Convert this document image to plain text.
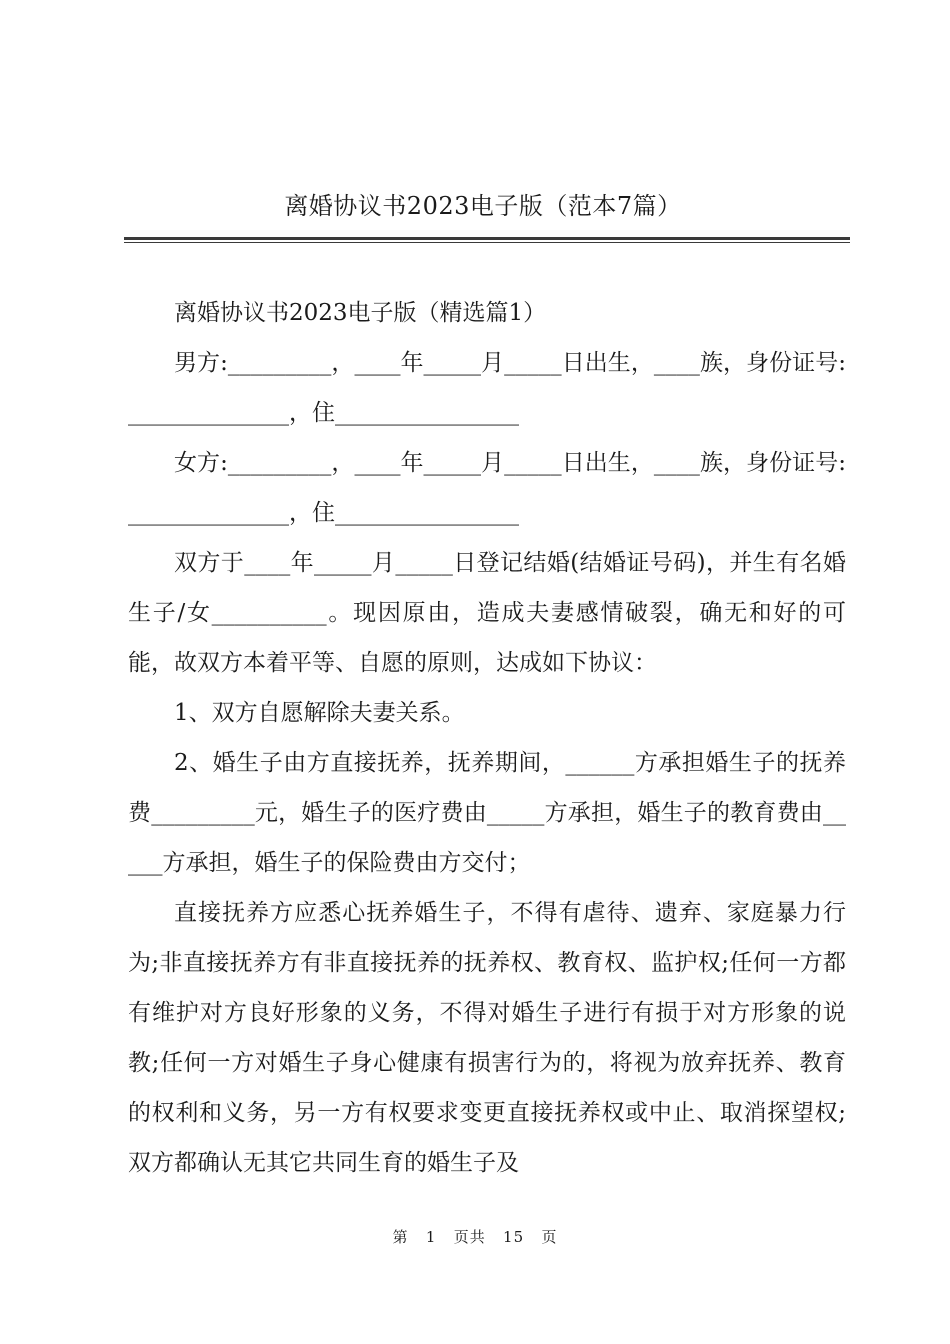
离婚协议书2023电子版（范本7篇）

离婚协议书2023电子版（精选篇1）

男方:_________，____年_____月_____日出生，____族，身份证号:______________，住________________

女方:_________，____年_____月_____日出生，____族，身份证号:______________，住________________

双方于____年_____月_____日登记结婚(结婚证号码)，并生有名婚生子/女__________。现因原由，造成夫妻感情破裂，确无和好的可能，故双方本着平等、自愿的原则，达成如下协议：

1、双方自愿解除夫妻关系。

2、婚生子由方直接抚养，抚养期间，______方承担婚生子的抚养费_________元，婚生子的医疗费由_____方承担，婚生子的教育费由_____方承担，婚生子的保险费由方交付；

直接抚养方应悉心抚养婚生子，不得有虐待、遗弃、家庭暴力行为;非直接抚养方有非直接抚养的抚养权、教育权、监护权;任何一方都有维护对方良好形象的义务，不得对婚生子进行有损于对方形象的说教;任何一方对婚生子身心健康有损害行为的，将视为放弃抚养、教育的权利和义务，另一方有权要求变更直接抚养权或中止、取消探望权;双方都确认无其它共同生育的婚生子及

第 1 页共 15 页
